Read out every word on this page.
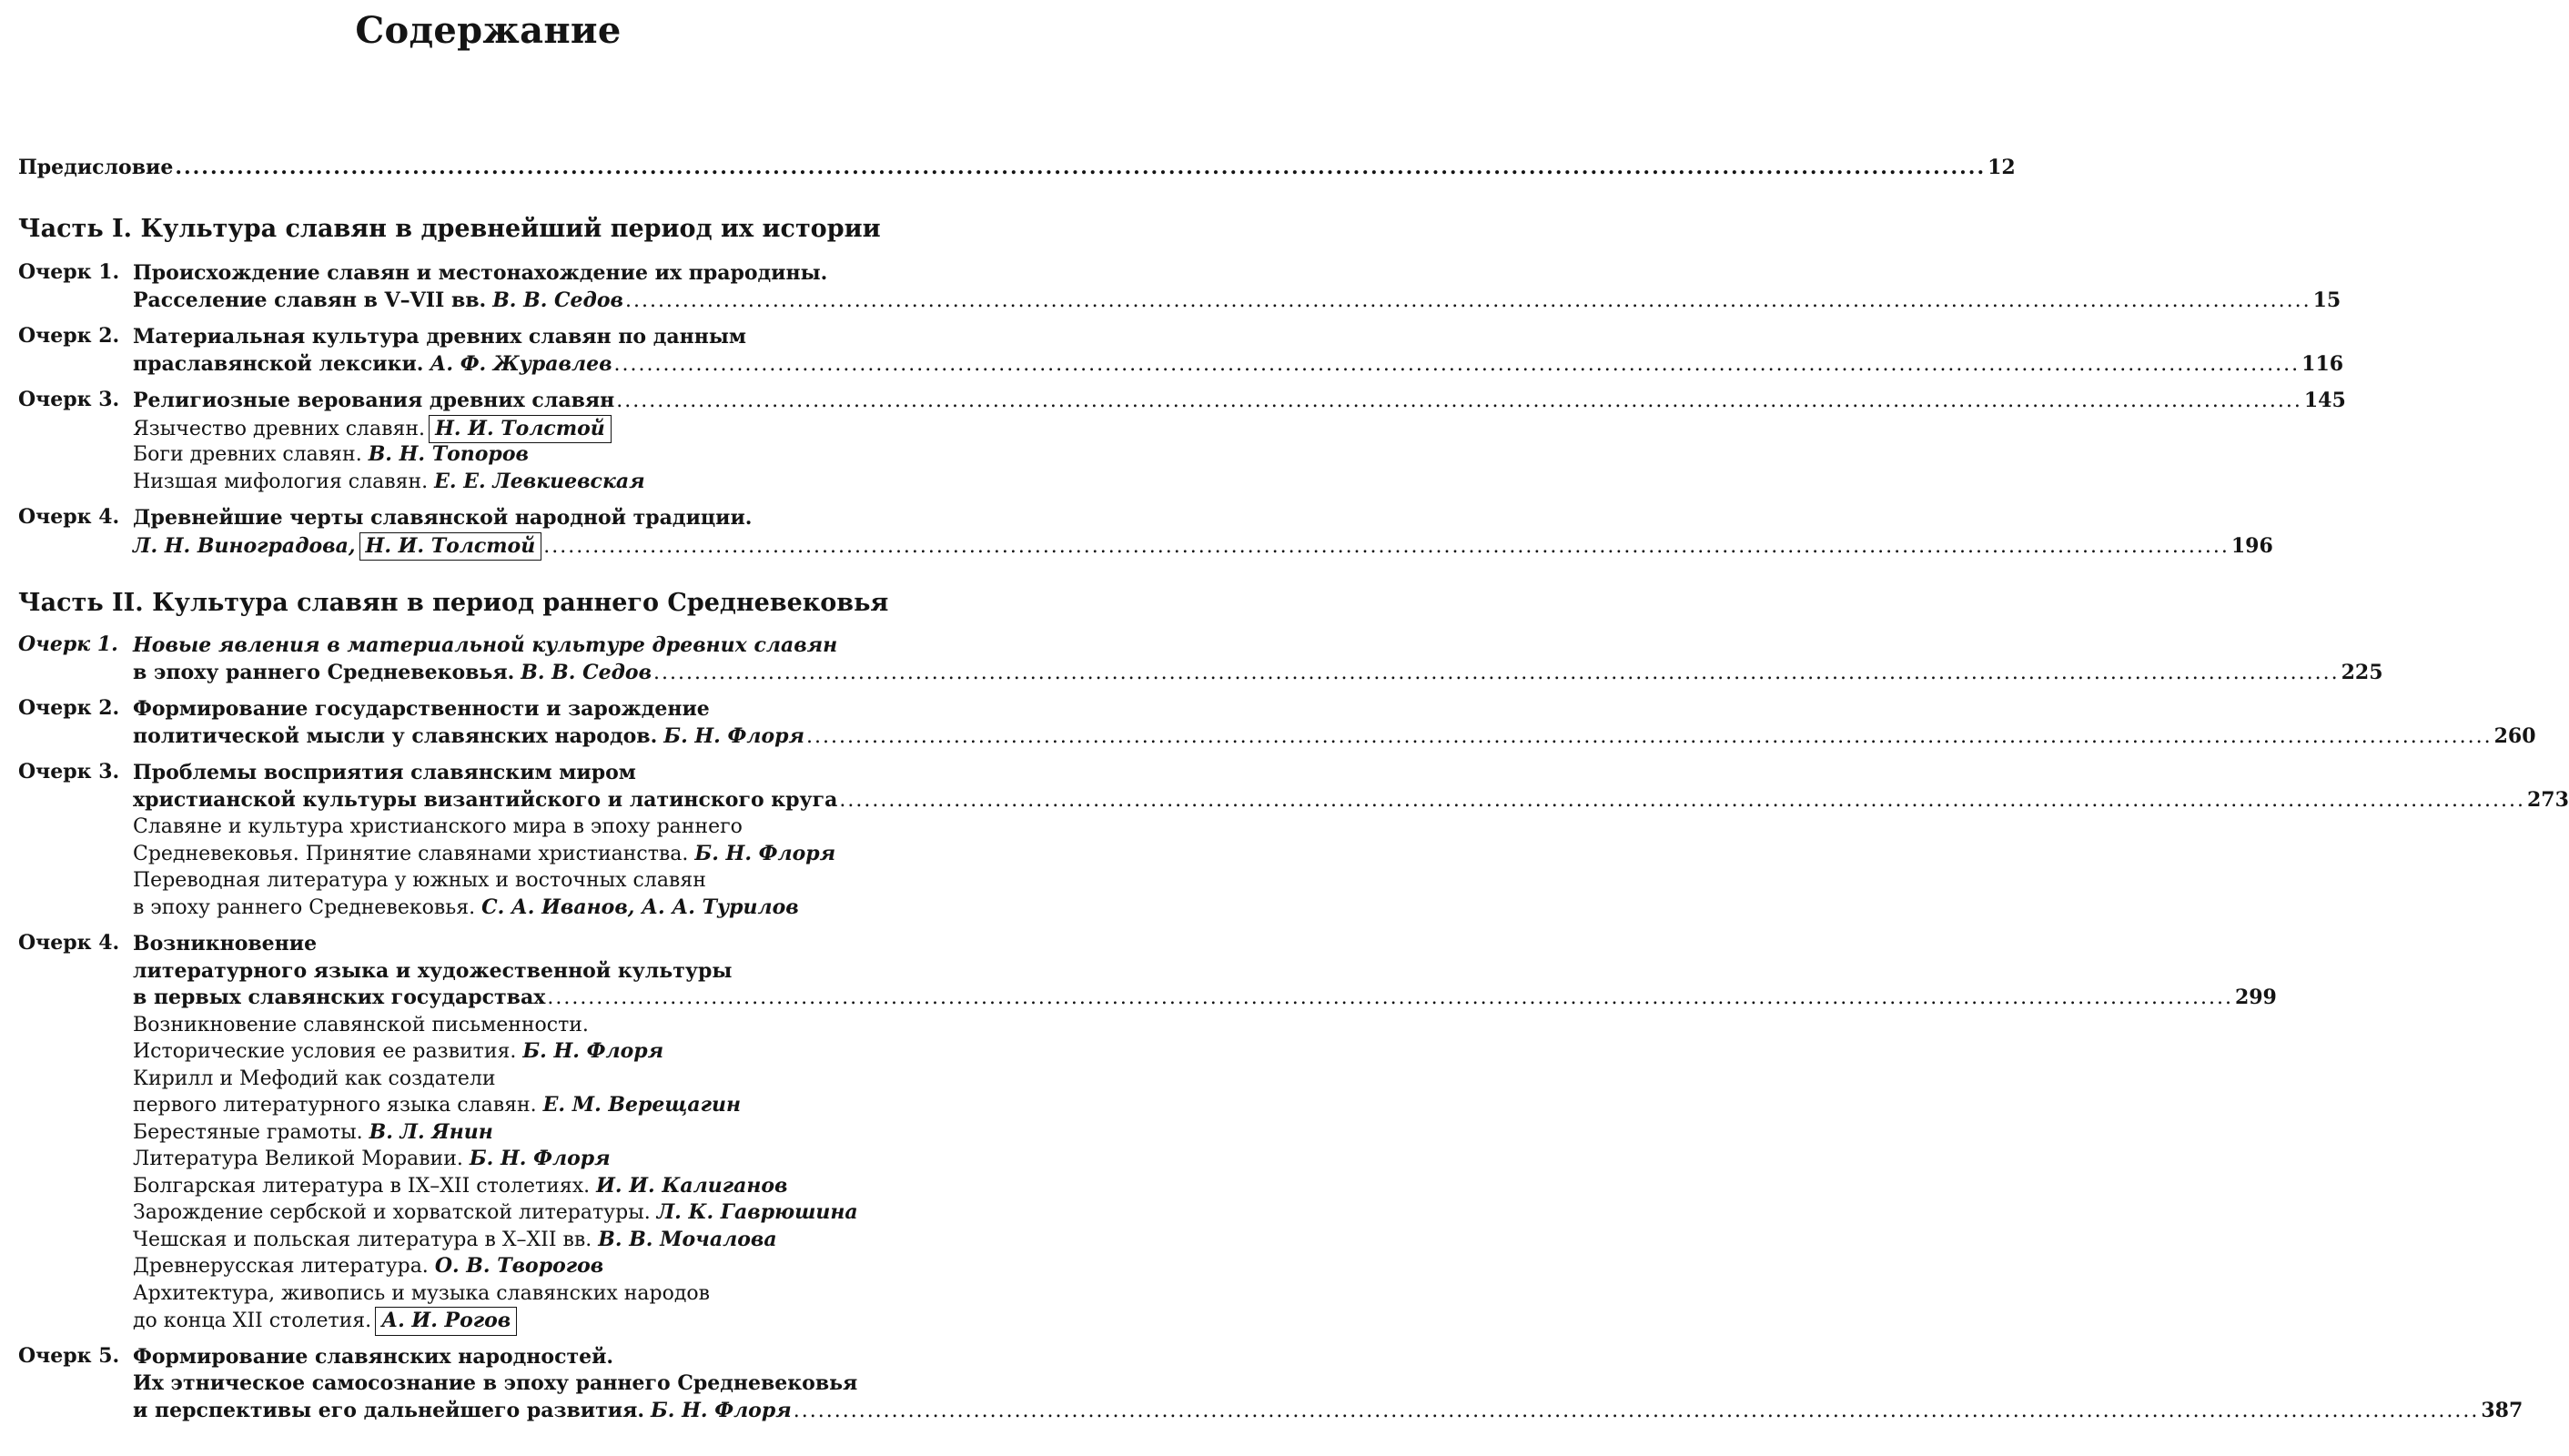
Содержание
Предисловие .....	12
Часть I. Культура славян в древнейший период их истории
Очерк 1. Происхождение славян и местонахождение их прародины.
Расселение славян в V–VII вв.
В. В. Седов .....	15
Очерк 2. Материальная культура древних славян по данным
праславянской лексики.
А. Ф. Журавлев .....	116
Очерк 3. Религиозные верования древних славян .....	145
Язычество древних славян. Н. И. Толстой
Боги древних славян.
В. Н. Топоров
Низшая мифология славян.
Е. Е. Левкиевская
Очерк 4. Древнейшие черты славянской народной традиции.
Л. Н. Виноградова, Н. И. Толстой .....	196
Часть II. Культура славян в период раннего Средневековья
Очерк 1. Новые явления в материальной культуре древних славян
в эпоху раннего Средневековья.
В. В. Седов .....	225
Очерк 2. Формирование государственности и зарождение
политической мысли у славянских народов.
Б. Н. Флоря .....	260
Очерк 3. Проблемы восприятия славянским миром
христианской культуры византийского и латинского круга .....	273
Славяне и культура христианского мира в эпоху раннего
Средневековья. Принятие славянами христианства.
Б. Н. Флоря
Переводная литература у южных и восточных славян
в эпоху раннего Средневековья.
С. А. Иванов, А. А. Турилов
Очерк 4. Возникновение
литературного языка и художественной культуры
в первых славянских государствах .....	299
Возникновение славянской письменности.
Исторические условия ее развития.
Б. Н. Флоря
Кирилл и Мефодий как создатели
первого литературного языка славян.
Е. М. Верещагин
Берестяные грамоты.
В. Л. Янин
Литература Великой Моравии.
Б. Н. Флоря
Болгарская литература в IX–XII столетиях.
И. И. Калиганов
Зарождение сербской и хорватской литературы.
Л. К. Гаврюшина
Чешская и польская литература в X–XII вв.
В. В. Мочалова
Древнерусская литература.
О. В. Творогов
Архитектура, живопись и музыка славянских народов
до конца XII столетия. А. И. Рогов
Очерк 5. Формирование славянских народностей.
Их этническое самосознание в эпоху раннего Средневековья
и перспективы его дальнейшего развития.
Б. Н. Флоря .....	387
